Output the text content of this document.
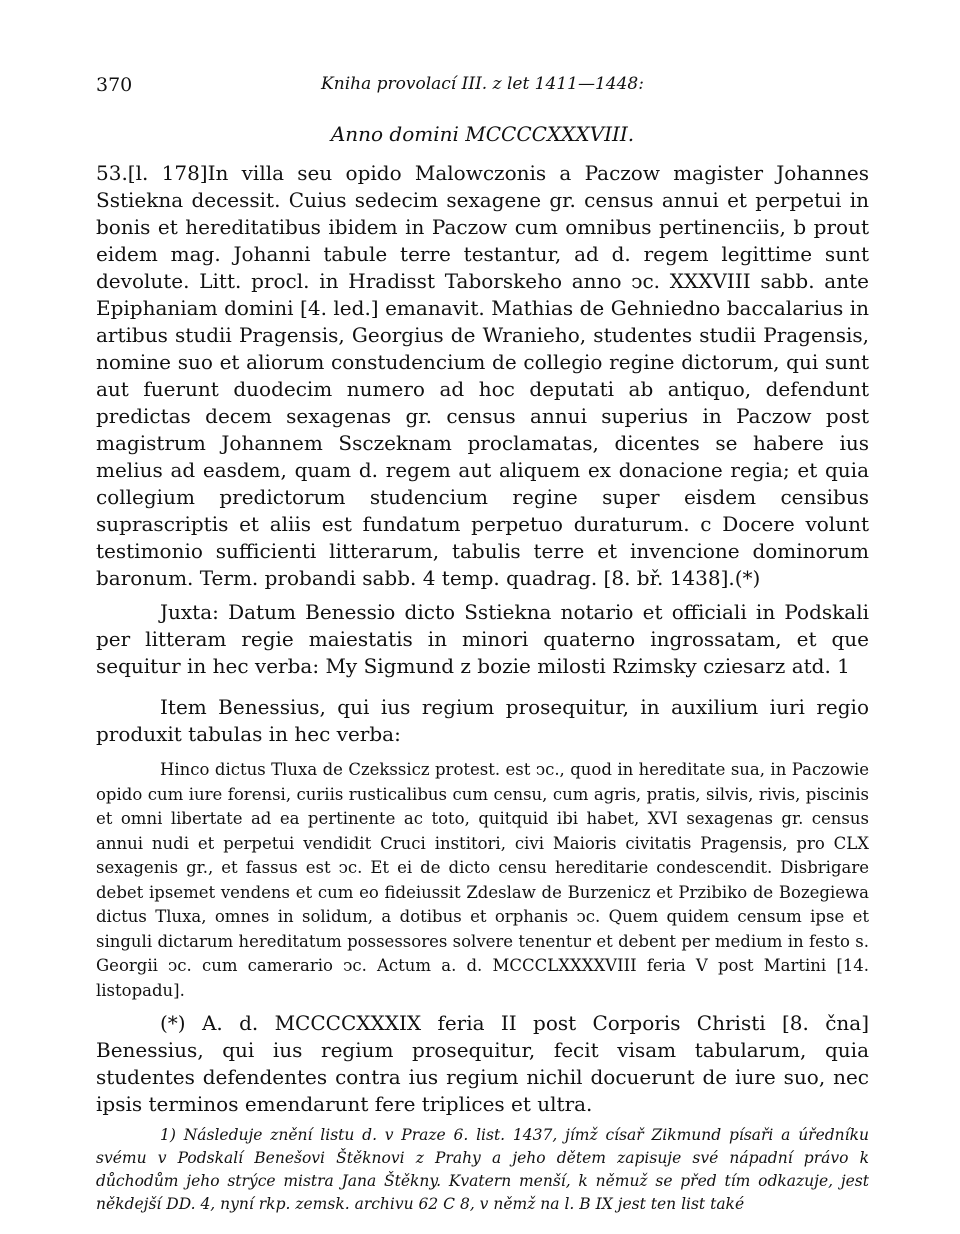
370	Kniha provolací III. z let 1411—1448:
Anno domini MCCCCXXXVIII.

53.[l. 178]In villa seu opido Malowczonis a Paczow magister Johannes Sstiekna decessit. Cuius sedecim sexagene gr. census annui et perpetui in bonis et hereditatibus ibidem in Paczow cum omnibus pertinenciis, b prout eidem mag. Johanni tabule terre testantur, ad d. regem legittime sunt devolute. Litt. procl. in Hradisst Taborskeho anno ↄc. XXXVIII sabb. ante Epiphaniam domini [4. led.] emanavit. Mathias de Gehniedno baccalarius in artibus studii Pragensis, Georgius de Wranieho, studentes studii Pragensis, nomine suo et aliorum constudencium de collegio regine dictorum, qui sunt aut fuerunt duodecim numero ad hoc deputati ab antiquo, defendunt predictas decem sexagenas gr. census annui superius in Paczow post magistrum Johannem Ssczeknam proclamatas, dicentes se habere ius melius ad easdem, quam d. regem aut aliquem ex donacione regia; et quia collegium predictorum studencium regine super eisdem censibus suprascriptis et aliis est fundatum perpetuo duraturum. c Docere volunt testimonio sufficienti litterarum, tabulis terre et invencione dominorum baronum. Term. probandi sabb. 4 temp. quadrag. [8. bř. 1438].(*)

Juxta: Datum Benessio dicto Sstiekna notario et officiali in Podskali per litteram regie maiestatis in minori quaterno ingrossatam, et que sequitur in hec verba: My Sigmund z bozie milosti Rzimsky cziesarz atd. 1

Item Benessius, qui ius regium prosequitur, in auxilium iuri regio produxit tabulas in hec verba:

Hinco dictus Tluxa de Czekssicz protest. est ↄc., quod in hereditate sua, in Paczowie opido cum iure forensi, curiis rusticalibus cum censu, cum agris, pratis, silvis, rivis, piscinis et omni libertate ad ea pertinente ac toto, quitquid ibi habet, XVI sexagenas gr. census annui nudi et perpetui vendidit Cruci institori, civi Maioris civitatis Pragensis, pro CLX sexagenis gr., et fassus est ↄc. Et ei de dicto censu hereditarie condescendit. Disbrigare debet ipsemet vendens et cum eo fideiussit Zdeslaw de Burzenicz et Przibiko de Bozegiewa dictus Tluxa, omnes in solidum, a dotibus et orphanis ↄc. Quem quidem censum ipse et singuli dictarum hereditatum possessores solvere tenentur et debent per medium in festo s. Georgii ↄc. cum camerario ↄc. Actum a. d. MCCCLXXXXVIII feria V post Martini [14. listopadu].

(*) A. d. MCCCCXXXIX feria II post Corporis Christi [8. čna] Benessius, qui ius regium prosequitur, fecit visam tabularum, quia studentes defendentes contra ius regium nichil docuerunt de iure suo, nec ipsis terminos emendarunt fere triplices et ultra.

1) Následuje znění listu d. v Praze 6. list. 1437, jímž císař Zikmund písaři a úředníku svému v Podskalí Benešovi Štěknovi z Prahy a jeho dětem zapisuje své nápadní právo k důchodům jeho strýce mistra Jana Štěkny. Kvatern menší, k němuž se před tím odkazuje, jest někdejší DD. 4, nyní rkp. zemsk. archivu 62 C 8, v němž na l. B IX jest ten list také
